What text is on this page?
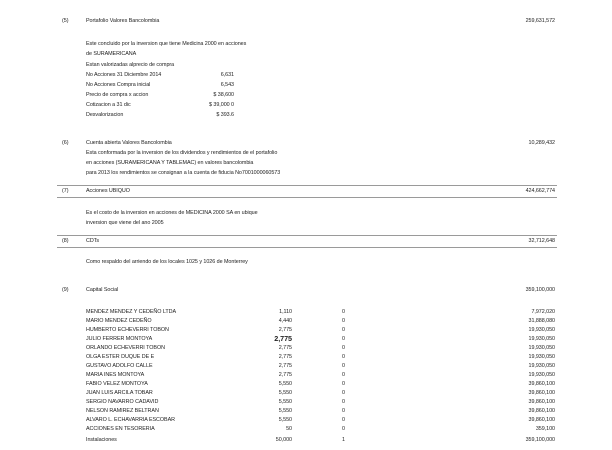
(5)	Portafolio Valores Bancolombia	259,631,572
Este concluido por la inversion que tiene Medicina 2000 en acciones
de SURAMERICANA
Estan valorizadas alprecio de compra
No Acciones 31 Diciembre 2014	6,631
No Acciones Compra inicial	6,543
Precio de compra x accion	$ 38,600
Cotizacion a 31 dic	$ 39,000 0
Desvalorizacion	$ 393.6
(6)	Cuenta abierta Valores Bancolombia	10,289,432
Esta conformada por la inversion de los dividendos y rendimientos de el portafolio
en acciones (SURAMERICANA Y TABLEMAC) en valores bancolombia
para 2013 los rendimientos se consignan a la cuenta de fiducia No7001000060573
(7)	Acciones UBIQUO	424,662,774
Es el costo de la inversion en acciones de MEDICINA 2000 SA en ubique
inversion que viene del ano 2005
(8)	CDTs	32,712,648
Como respaldo del arriendo de los locales 1025 y 1026 de Monterrey
(9)	Capital Social	359,100,000
MENDEZ MENDEZ Y CEDEÑO LTDA	1,110	0	7,972,020
MARIO MENDEZ CEDEÑO	4,440	0	31,888,080
HUMBERTO ECHEVERRI TOBON	2,775	0	19,930,050
JULIO FERRER MONTOYA	2,775	0	19,930,050
ORLANDO ECHEVERRI TOBON	2,775	0	19,930,050
OLGA ESTER DUQUE DE E	2,775	0	19,930,050
GUSTAVO ADOLFO CALLE	2,775	0	19,930,050
MARIA INES MONTOYA	2,775	0	19,930,050
FABIO VELEZ MONTOYA	5,550	0	39,860,100
JUAN LUIS ARCILA TOBAR	5,550	0	39,860,100
SERGIO NAVARRO CADAVID	5,550	0	39,860,100
NELSON RAMIREZ BELTRAN	5,550	0	39,860,100
ALVARO L. ECHAVARRIA ESCOBAR	5,550	0	39,860,100
ACCIONES EN TESORERIA	50	0	359,100
Instalaciones	50,000	1	359,100,000
